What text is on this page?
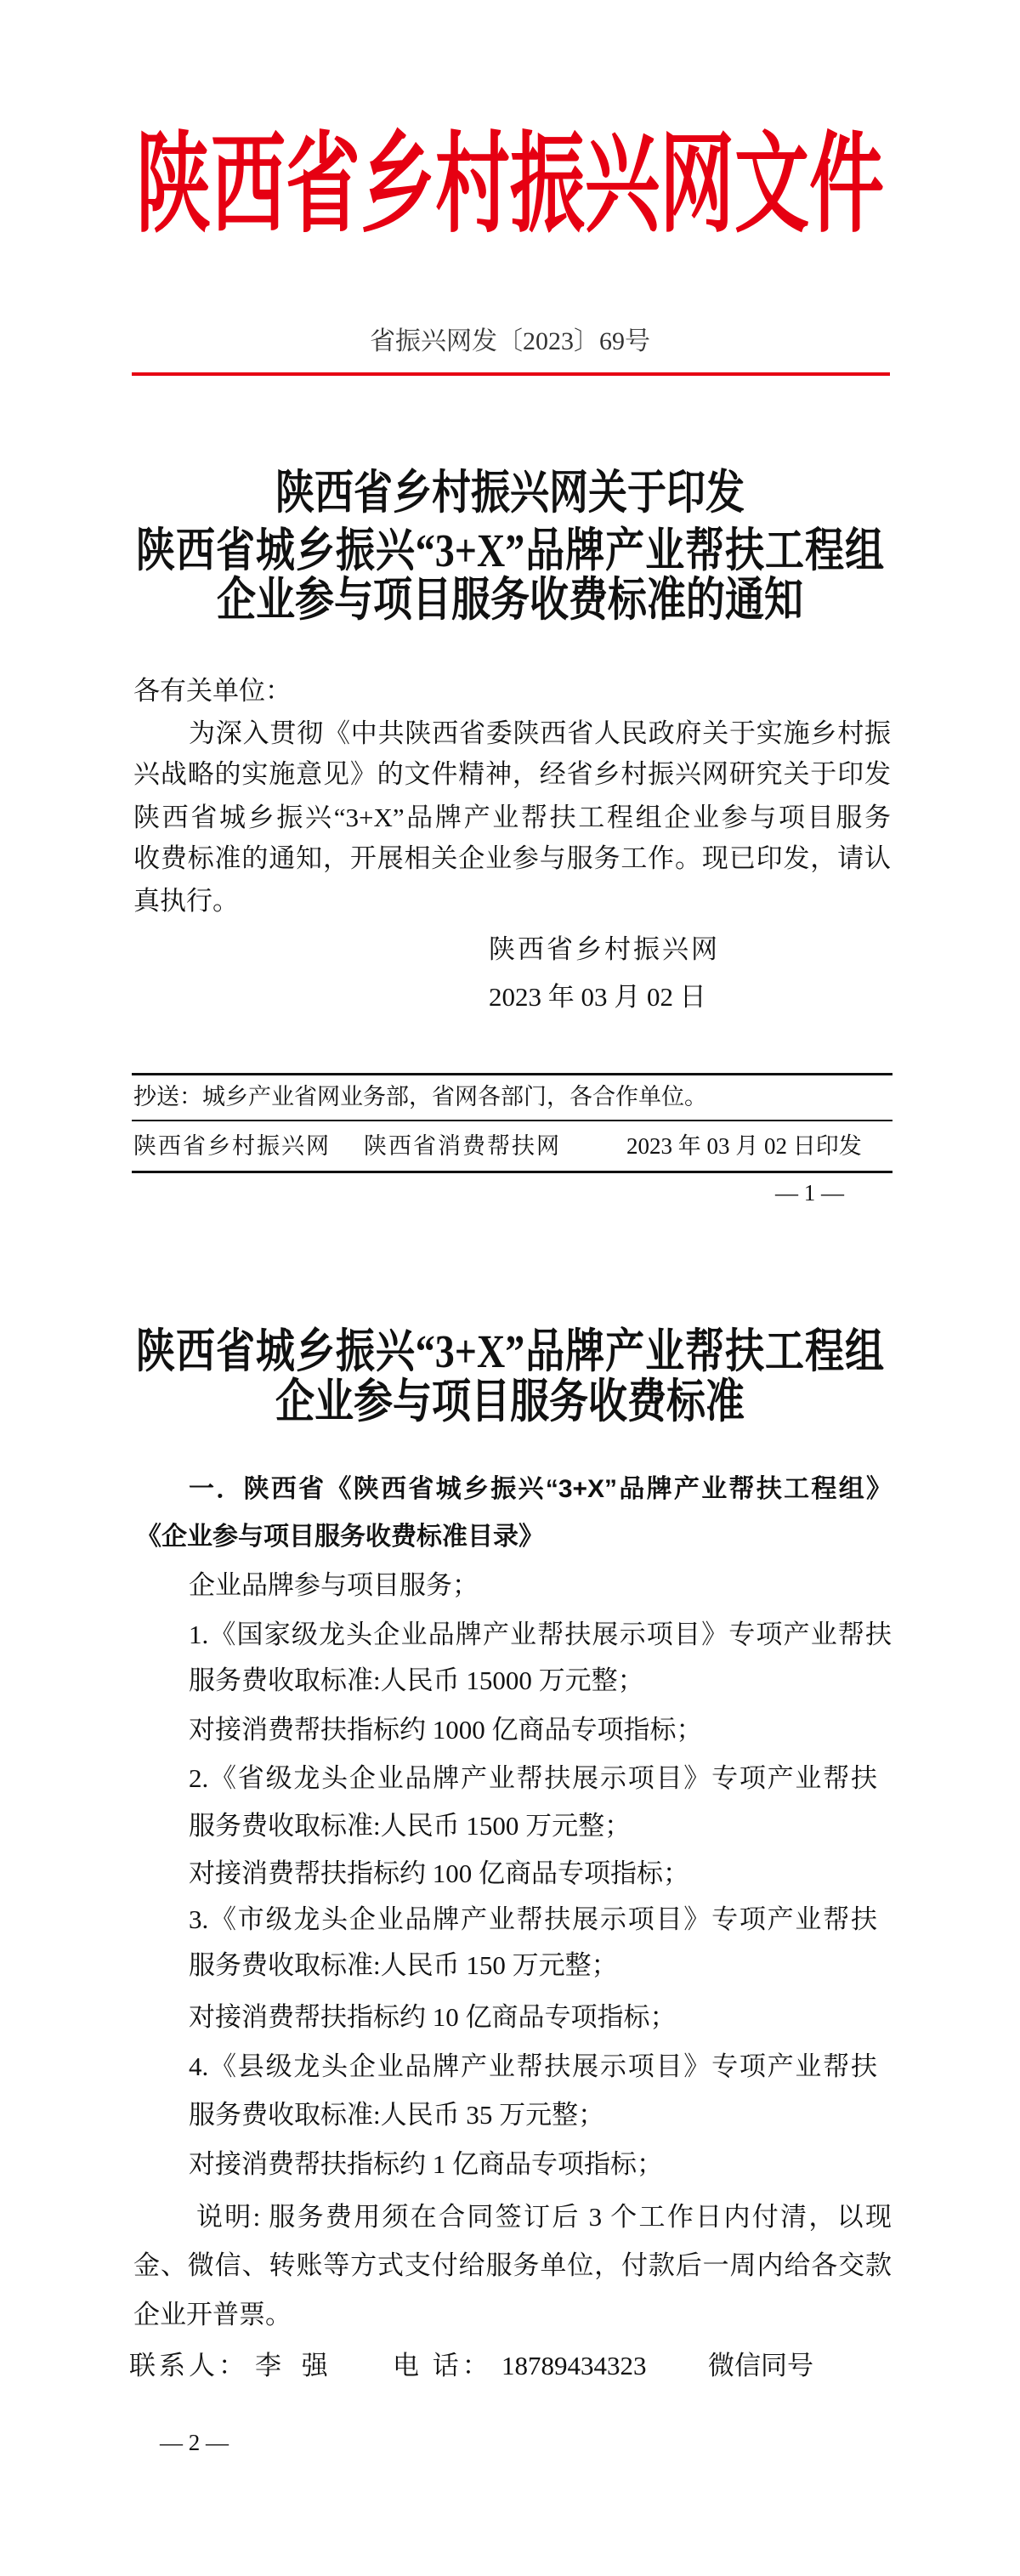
陕西省乡村振兴网文件
省振兴网发〔2023〕69号
陕西省乡村振兴网关于印发
陕西省城乡振兴“3+X”品牌产业帮扶工程组
企业参与项目服务收费标准的通知
各有关单位：
为深入贯彻《中共陕西省委陕西省人民政府关于实施乡村振
兴战略的实施意见》的文件精神，经省乡村振兴网研究关于印发
陕西省城乡振兴“3+X”品牌产业帮扶工程组企业参与项目服务
收费标准的通知，开展相关企业参与服务工作。现已印发，请认
真执行。
陕西省乡村振兴网
2023 年 03 月 02 日
抄送：城乡产业省网业务部，省网各部门，各合作单位。
陕西省乡村振兴网 陕西省消费帮扶网	2023 年 03 月 02 日印发
— 1 —
陕西省城乡振兴“3+X”品牌产业帮扶工程组
企业参与项目服务收费标准
一．陕西省《陕西省城乡振兴“3+X”品牌产业帮扶工程组》
《企业参与项目服务收费标准目录》
企业品牌参与项目服务；
1.《国家级龙头企业品牌产业帮扶展示项目》专项产业帮扶
服务费收取标准:人民币 15000 万元整；
对接消费帮扶指标约 1000 亿商品专项指标；
2.《省级龙头企业品牌产业帮扶展示项目》专项产业帮扶
服务费收取标准:人民币 1500 万元整；
对接消费帮扶指标约 100 亿商品专项指标；
3.《市级龙头企业品牌产业帮扶展示项目》专项产业帮扶
服务费收取标准:人民币 150 万元整；
对接消费帮扶指标约 10 亿商品专项指标；
4.《县级龙头企业品牌产业帮扶展示项目》专项产业帮扶
服务费收取标准:人民币 35 万元整；
对接消费帮扶指标约 1 亿商品专项指标；
说明: 服务费用须在合同签订后 3 个工作日内付清，以现
金、微信、转账等方式支付给服务单位，付款后一周内给各交款
企业开普票。
联系人： 李 强 电 话： 18789434323 微信同号
— 2 —
